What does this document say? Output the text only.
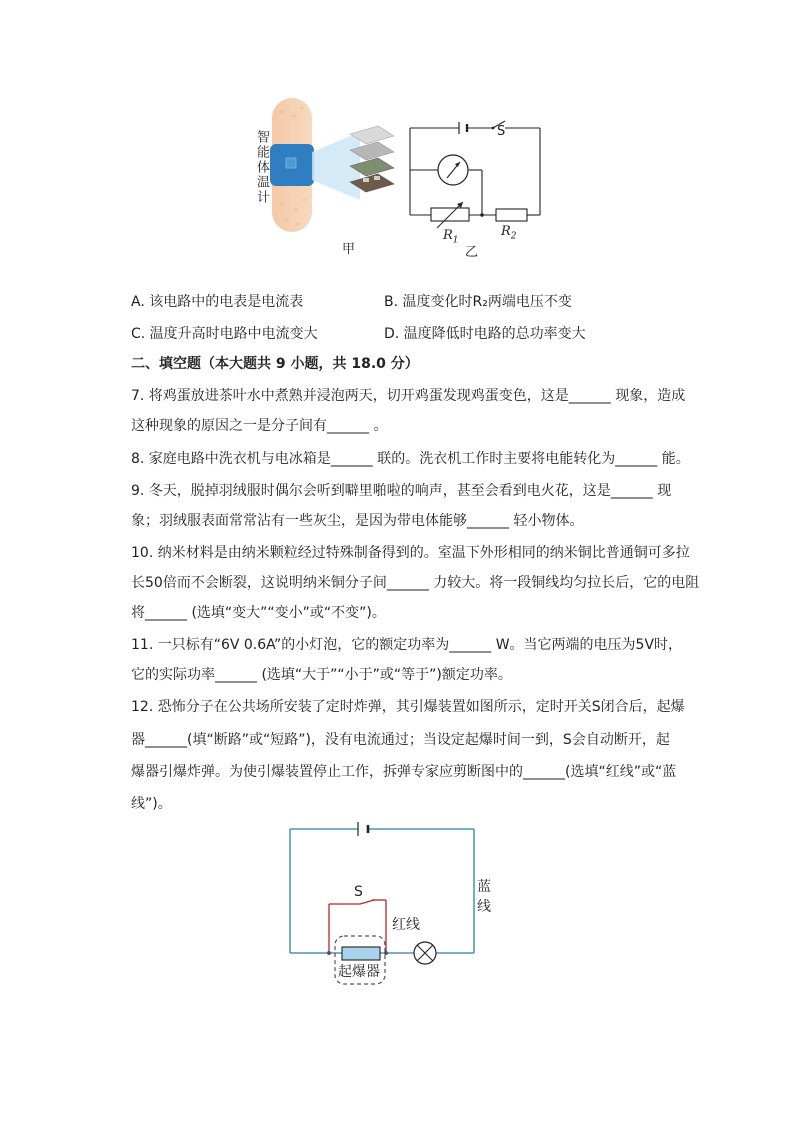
智能体温计
甲
S
$R_1$
$R_2$
乙
A. 该电路中的电表是电流表	B. 温度变化时R₂两端电压不变
C. 温度升高时电路中电流变大	D. 温度降低时电路的总功率变大
二、填空题（本大题共 9 小题，共 18.0 分）
7. 将鸡蛋放进茶叶水中煮熟并浸泡两天，切开鸡蛋发现鸡蛋变色，这是______ 现象，造成
这种现象的原因之一是分子间有______ 。
8. 家庭电路中洗衣机与电冰箱是______ 联的。洗衣机工作时主要将电能转化为______ 能。
9. 冬天，脱掉羽绒服时偶尔会听到噼里啪啦的响声，甚至会看到电火花，这是______ 现
象；羽绒服表面常常沾有一些灰尘，是因为带电体能够______ 轻小物体。
10. 纳米材料是由纳米颗粒经过特殊制备得到的。室温下外形相同的纳米铜比普通铜可多拉
长50倍而不会断裂，这说明纳米铜分子间______ 力较大。将一段铜线均匀拉长后，它的电阻
将______ (选填“变大”“变小”或“不变”)。
11. 一只标有“6V 0.6A”的小灯泡，它的额定功率为______ W。当它两端的电压为5V时，
它的实际功率______ (选填“大于”“小于”或“等于”)额定功率。
12. 恐怖分子在公共场所安装了定时炸弹，其引爆装置如图所示，定时开关S闭合后，起爆
器______(填“断路”或“短路”)，没有电流通过；当设定起爆时间一到，S会自动断开，起
爆器引爆炸弹。为使引爆装置停止工作，拆弹专家应剪断图中的______(选填“红线”或“蓝
线”)。
S
红线
蓝线
起爆器
